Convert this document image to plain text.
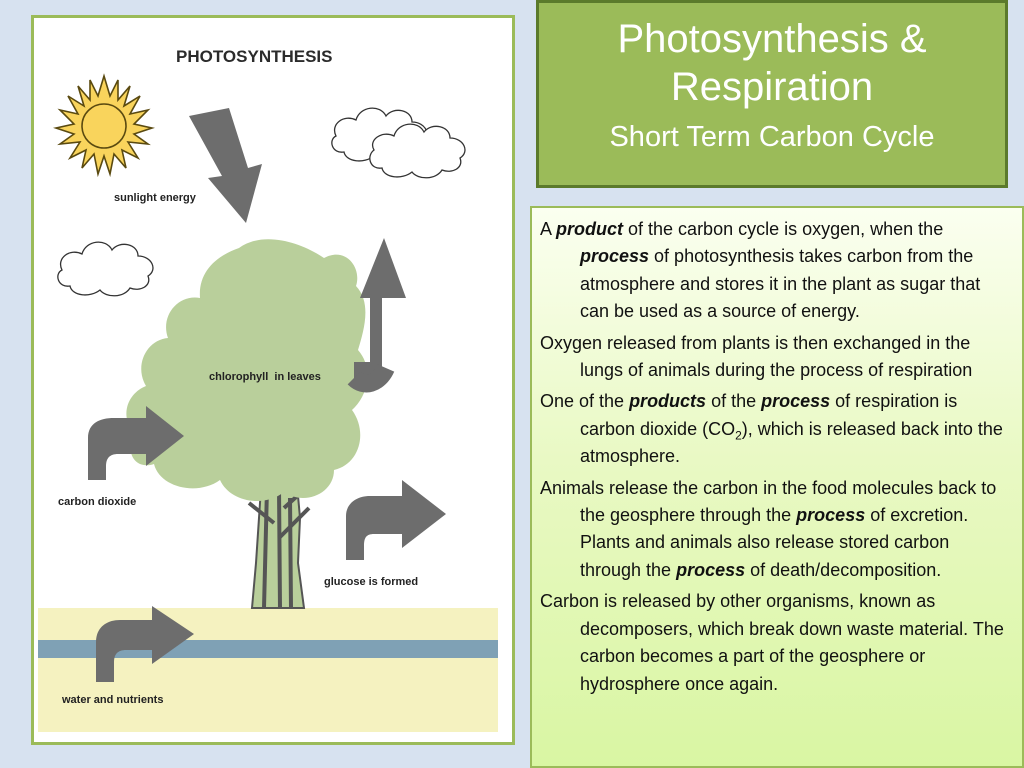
PHOTOSYNTHESIS
sunlight energy
chlorophyll  in leaves
carbon dioxide
glucose is formed
water and nutrients
Photosynthesis & Respiration
Short Term Carbon Cycle

A product of the carbon cycle is oxygen, when the process of photosynthesis takes carbon from the atmosphere and stores it in the plant as sugar that can be used as a source of energy.

Oxygen released from plants is then exchanged in the lungs of animals during the process of respiration

One of the products of the process of respiration is carbon dioxide $(CO_2)$, which is released back into the atmosphere.

Animals release the carbon in the food molecules back to the geosphere through the process of excretion. Plants and animals also release stored carbon through the process of death/decomposition.

Carbon is released by other organisms, known as decomposers, which break down waste material. The carbon becomes a part of the geosphere or hydrosphere once again.
